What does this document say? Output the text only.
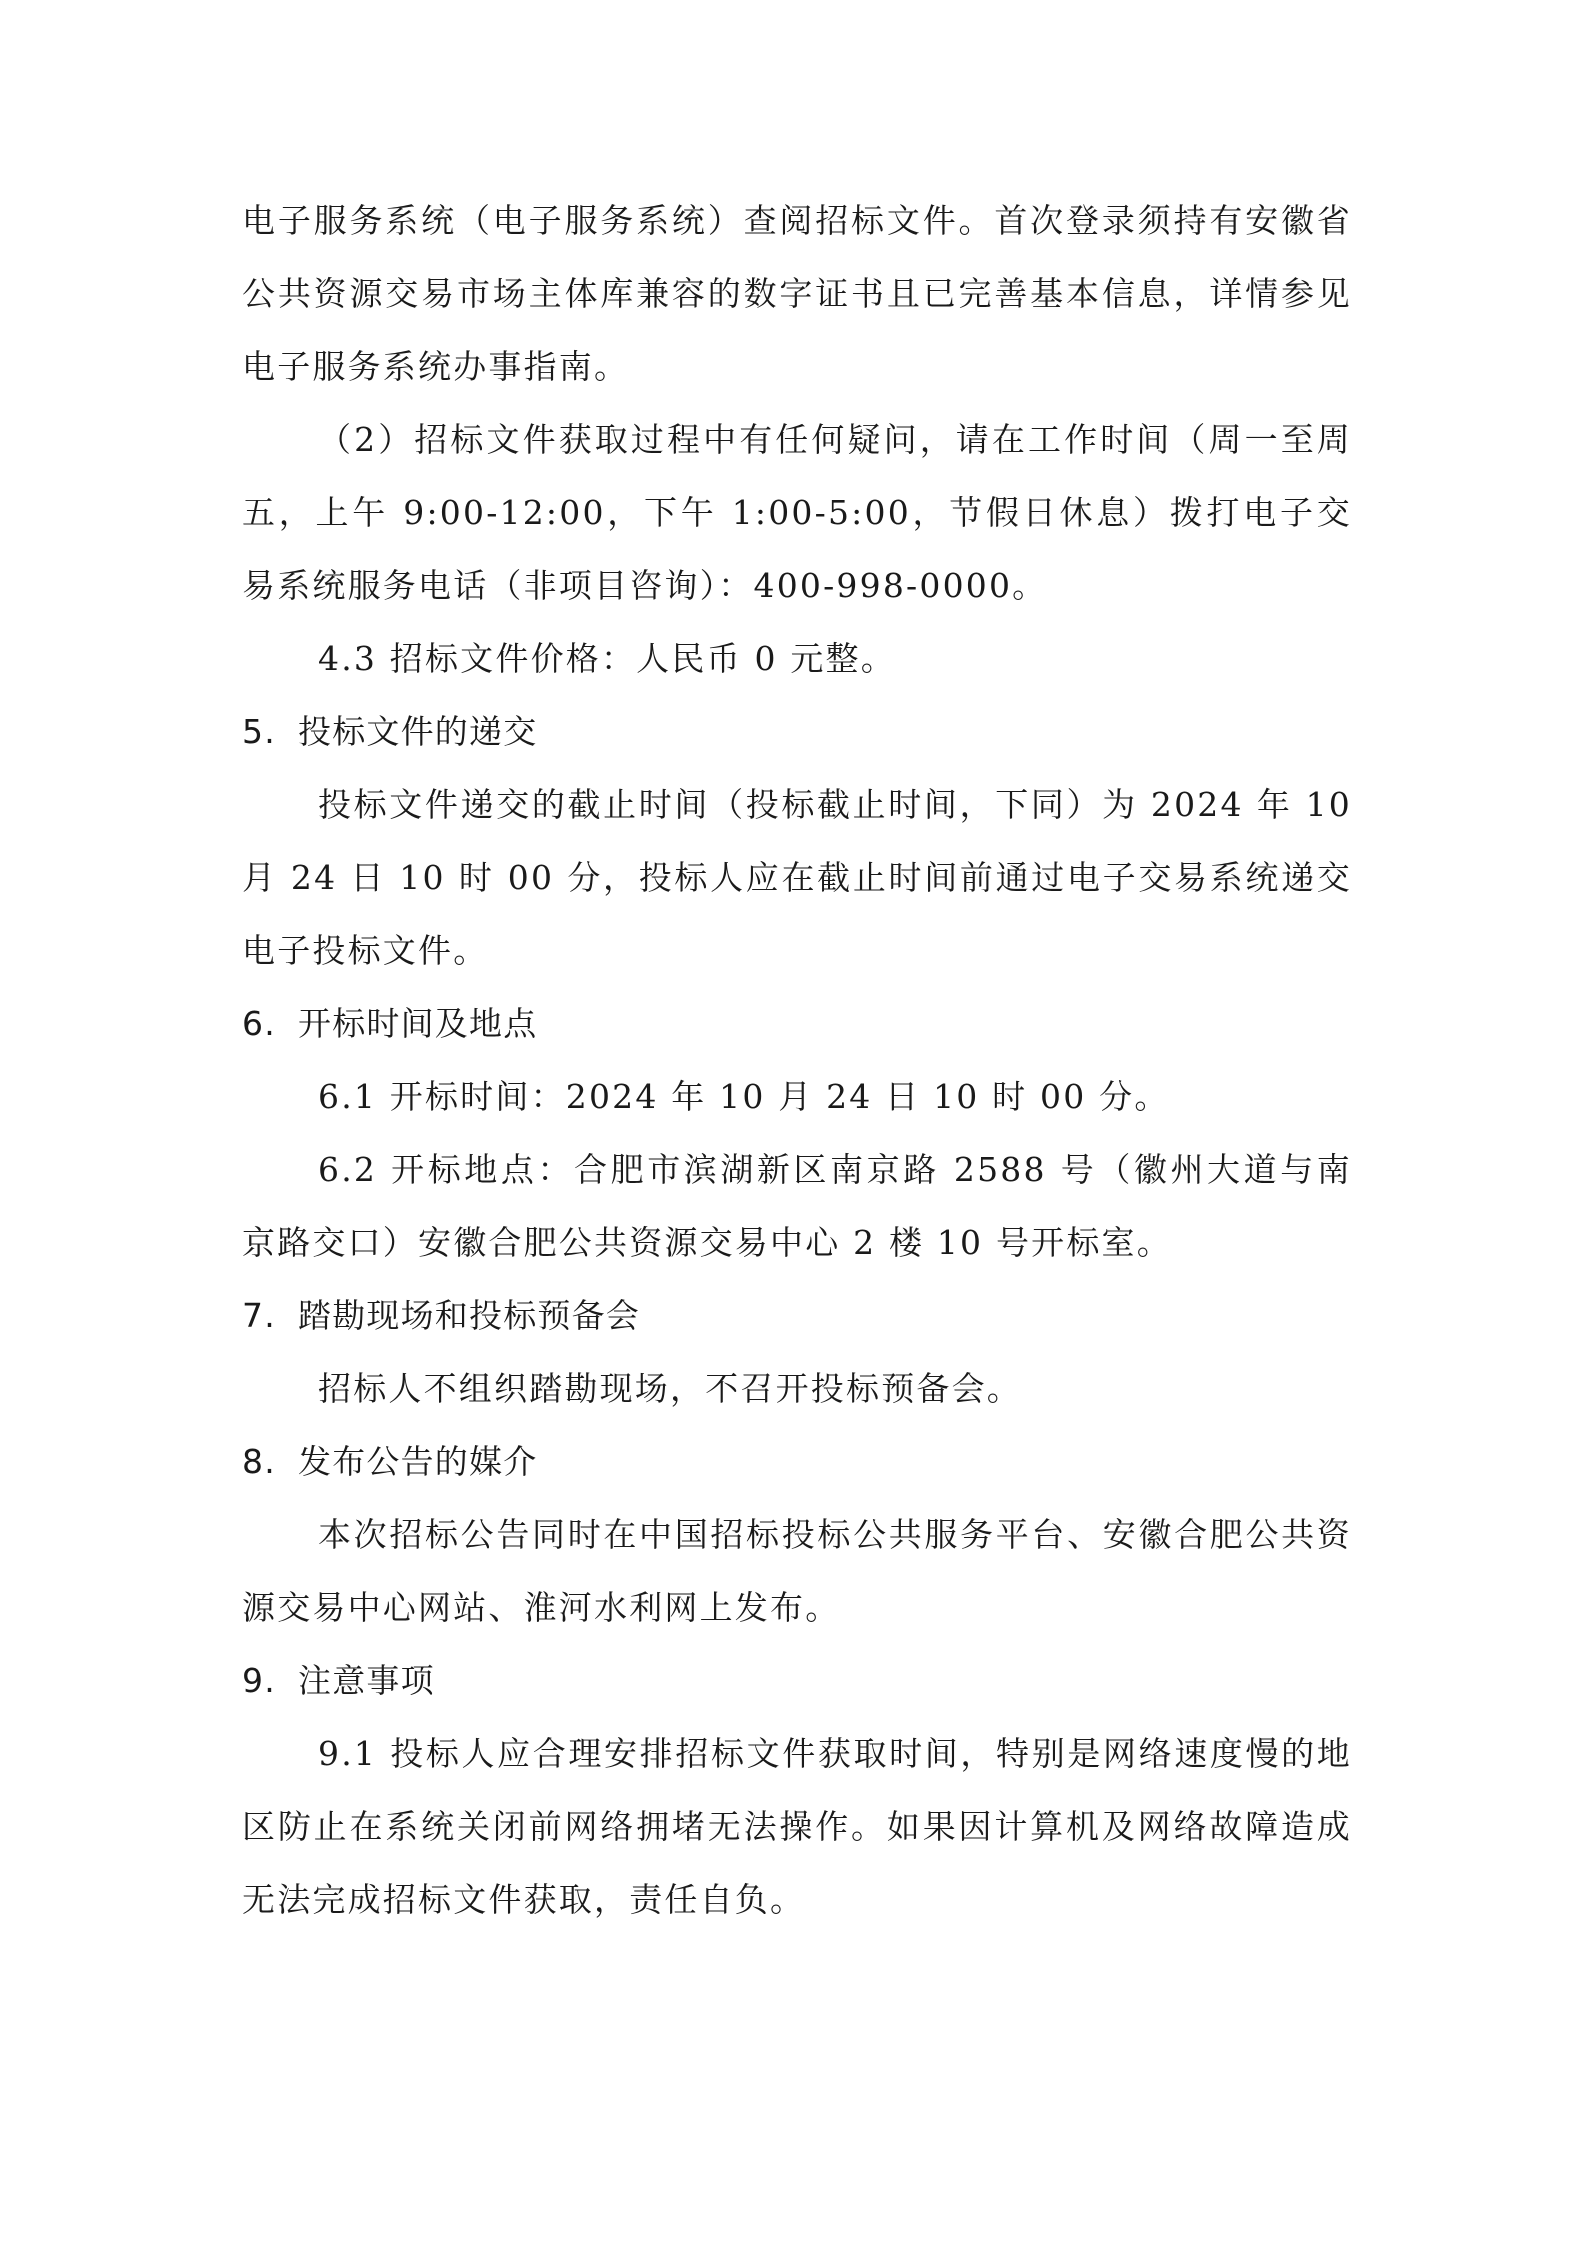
电子服务系统（电子服务系统）查阅招标文件。首次登录须持有安徽省公共资源交易市场主体库兼容的数字证书且已完善基本信息，详情参见电子服务系统办事指南。

（2）招标文件获取过程中有任何疑问，请在工作时间（周一至周五，上午 9:00-12:00，下午 1:00-5:00，节假日休息）拨打电子交易系统服务电话（非项目咨询）：400-998-0000。

4.3 招标文件价格：人民币 0 元整。

5. 投标文件的递交

投标文件递交的截止时间（投标截止时间，下同）为 2024 年 10 月 24 日 10 时 00 分，投标人应在截止时间前通过电子交易系统递交电子投标文件。

6. 开标时间及地点

6.1 开标时间：2024 年 10 月 24 日 10 时 00 分。

6.2 开标地点：合肥市滨湖新区南京路 2588 号（徽州大道与南京路交口）安徽合肥公共资源交易中心 2 楼 10 号开标室。

7. 踏勘现场和投标预备会

招标人不组织踏勘现场，不召开投标预备会。

8. 发布公告的媒介

本次招标公告同时在中国招标投标公共服务平台、安徽合肥公共资源交易中心网站、淮河水利网上发布。

9. 注意事项

9.1 投标人应合理安排招标文件获取时间，特别是网络速度慢的地区防止在系统关闭前网络拥堵无法操作。如果因计算机及网络故障造成无法完成招标文件获取，责任自负。
